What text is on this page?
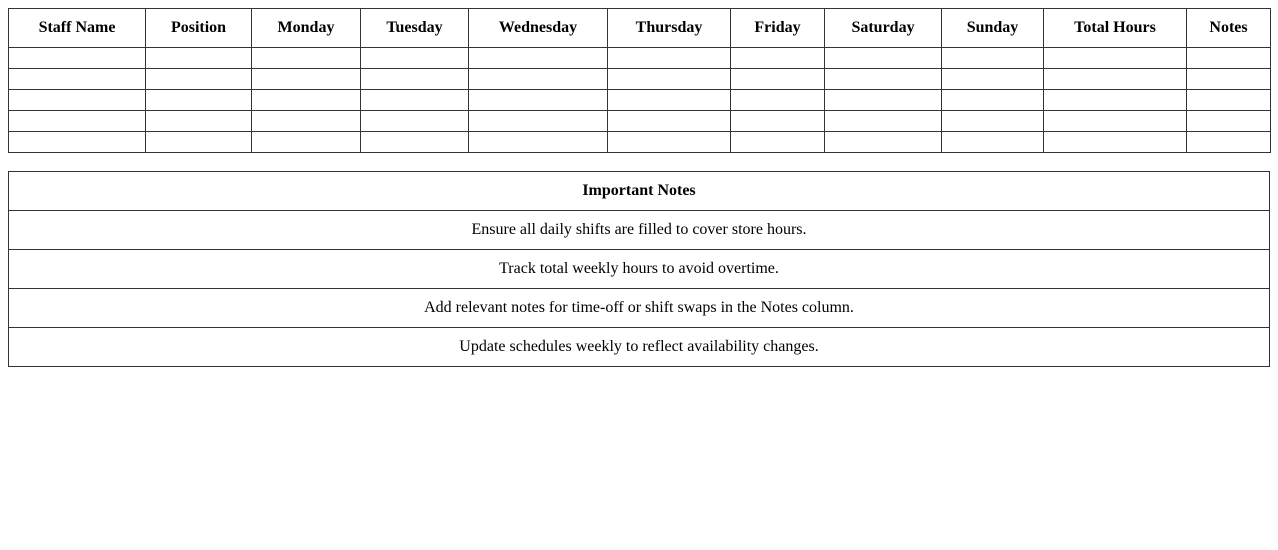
Staff Name	Position	Monday	Tuesday	Wednesday	Thursday	Friday	Saturday	Sunday	Total Hours	Notes

Important Notes
Ensure all daily shifts are filled to cover store hours.
Track total weekly hours to avoid overtime.
Add relevant notes for time-off or shift swaps in the Notes column.
Update schedules weekly to reflect availability changes.
